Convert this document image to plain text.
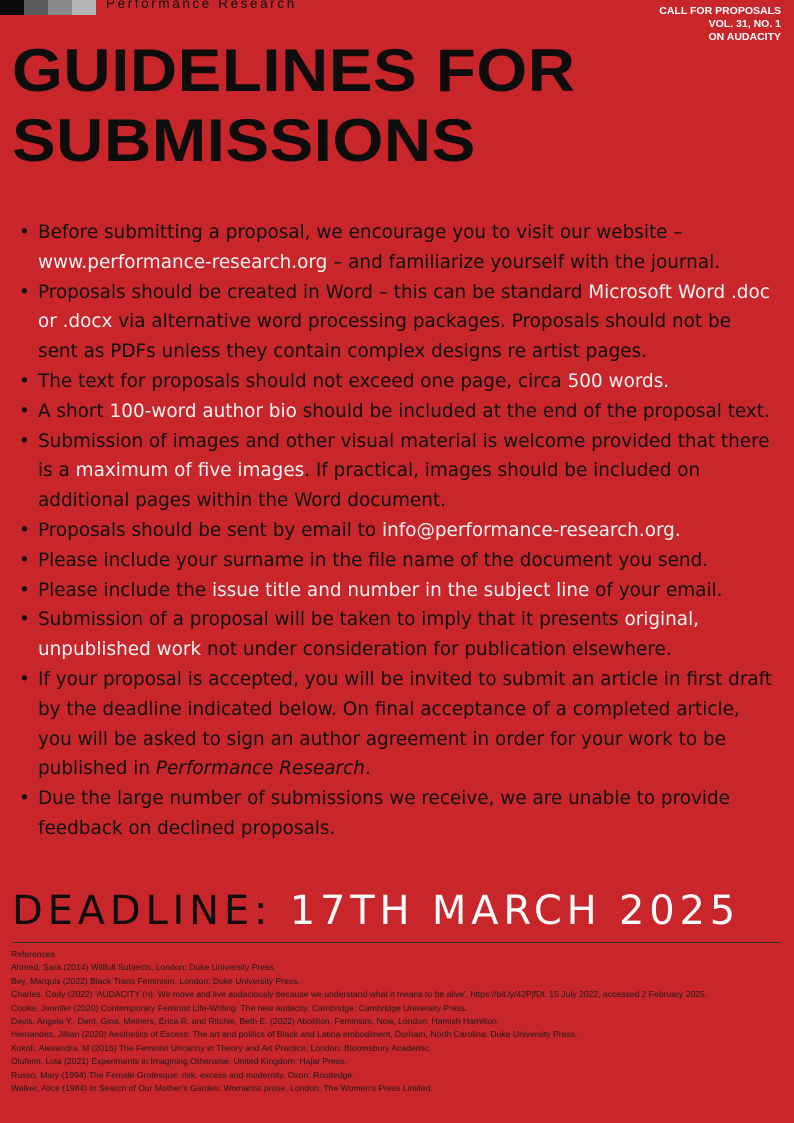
Performance Research	CALL FOR PROPOSALS
VOL. 31, NO. 1
ON AUDACITY
GUIDELINES FOR
SUBMISSIONS
• Before submitting a proposal, we encourage you to visit our website – www.performance-research.org – and familiarize yourself with the journal.
• Proposals should be created in Word – this can be standard Microsoft Word .doc or .docx via alternative word processing packages. Proposals should not be sent as PDFs unless they contain complex designs re artist pages.
• The text for proposals should not exceed one page, circa 500 words.
• A short 100-word author bio should be included at the end of the proposal text.
• Submission of images and other visual material is welcome provided that there is a maximum of five images. If practical, images should be included on additional pages within the Word document.
• Proposals should be sent by email to info@performance-research.org.
• Please include your surname in the file name of the document you send.
• Please include the issue title and number in the subject line of your email.
• Submission of a proposal will be taken to imply that it presents original, unpublished work not under consideration for publication elsewhere.
• If your proposal is accepted, you will be invited to submit an article in first draft by the deadline indicated below. On final acceptance of a completed article, you will be asked to sign an author agreement in order for your work to be published in Performance Research.
• Due the large number of submissions we receive, we are unable to provide feedback on declined proposals.
DEADLINE: 17TH MARCH 2025
References
Ahmed, Sara (2014) Willfull Subjects, London: Duke University Press.
Bey, Marquis (2022) Black Trans Feminism, London: Duke University Press.
Charles, Cody (2022) 'AUDACITY (n): We move and live audaciously because we understand what it means to be alive', https://bit.ly/42PjfDt, 15 July 2022, accessed 2 February 2025.
Cooke, Jennifer (2020) Contemporary Feminist Life-Writing: The new audacity, Cambridge: Cambridge University Press.
Davis, Angela Y., Dent, Gina, Meiners, Erica R. and Ritchie, Beth E. (2022) Abolition. Feminsim. Now, London: Hamish Hamilton.
Hernandez, Jillian (2020) Aesthetics of Excess: The art and politics of Black and Latina embodiment, Durham, North Carolina: Duke University Press.
Kokoli, Alexandra. M (2016) The Feminist Uncanny in Theory and Art Practice, London: Bloomsbury Academic.
Olufemi, Lola (2021) Experiments in Imagining Otherwise, United Kingdom: Hajar Press.
Russo, Mary (1994) The Female Grotesque: risk, excess and modernity, Oxon: Routledge.
Walker, Alice (1984) In Search of Our Mother's Garden: Womanist prose, London: The Women's Press Limited.
